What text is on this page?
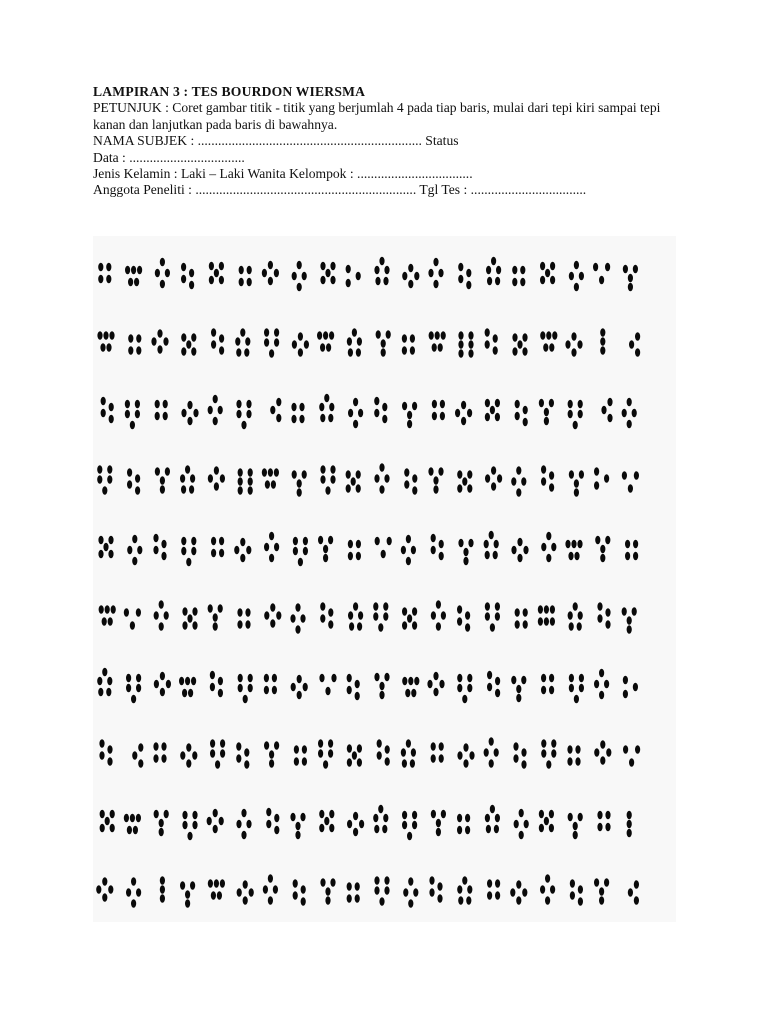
LAMPIRAN 3 : TES BOURDON WIERSMA
PETUNJUK : Coret gambar titik - titik yang berjumlah 4 pada tiap baris, mulai dari tepi kiri sampai tepi kanan dan lanjutkan pada baris di bawahnya.
NAMA SUBJEK : .................................................................. Status
Data : ..................................
Jenis Kelamin : Laki – Laki Wanita Kelompok : ..................................
Anggota Peneliti : ................................................................. Tgl Tes : ..................................
